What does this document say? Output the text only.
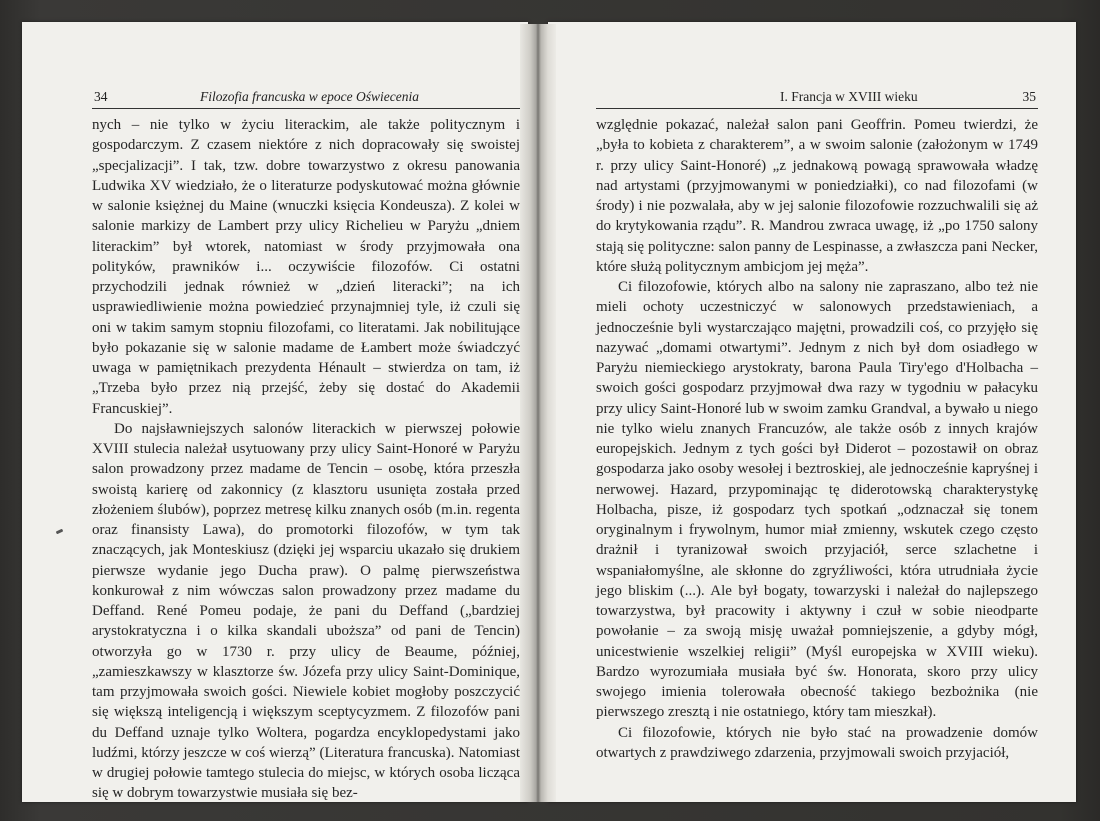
34	Filozofia francuska w epoce Oświecenia

nych – nie tylko w życiu literackim, ale także politycznym i gospodarczym. Z czasem niektóre z nich dopracowały się swoistej „specjalizacji”. I tak, tzw. dobre towarzystwo z okresu panowania Ludwika XV wiedziało, że o literaturze podyskutować można głównie w salonie księżnej du Maine (wnuczki księcia Kondeusza). Z kolei w salonie markizy de Lambert przy ulicy Richelieu w Paryżu „dniem literackim” był wtorek, natomiast w środy przyjmowała ona polityków, prawników i... oczywiście filozofów. Ci ostatni przychodzili jednak również w „dzień literacki”; na ich usprawiedliwienie można powiedzieć przynajmniej tyle, iż czuli się oni w takim samym stopniu filozofami, co literatami. Jak nobilitujące było pokazanie się w salonie madame de Łambert może świadczyć uwaga w pamiętnikach prezydenta Hénault – stwierdza on tam, iż „Trzeba było przez nią przejść, żeby się dostać do Akademii Francuskiej”.

Do najsławniejszych salonów literackich w pierwszej połowie XVIII stulecia należał usytuowany przy ulicy Saint-Honoré w Paryżu salon prowadzony przez madame de Tencin – osobę, która przeszła swoistą karierę od zakonnicy (z klasztoru usunięta została przed złożeniem ślubów), poprzez metresę kilku znanych osób (m.in. regenta oraz finansisty Lawa), do promotorki filozofów, w tym tak znaczących, jak Monteskiusz (dzięki jej wsparciu ukazało się drukiem pierwsze wydanie jego Ducha praw). O palmę pierwszeństwa konkurował z nim wówczas salon prowadzony przez madame du Deffand. René Pomeu podaje, że pani du Deffand („bardziej arystokratyczna i o kilka skandali uboższa” od pani de Tencin) otworzyła go w 1730 r. przy ulicy de Beaume, później, „zamieszkawszy w klasztorze św. Józefa przy ulicy Saint-Dominique, tam przyjmowała swoich gości. Niewiele kobiet mogłoby poszczycić się większą inteligencją i większym sceptycyzmem. Z filozofów pani du Deffand uznaje tylko Woltera, pogardza encyklopedystami jako ludźmi, którzy jeszcze w coś wierzą” (Literatura francuska). Natomiast w drugiej połowie tamtego stulecia do miejsc, w których osoba licząca się w dobrym towarzystwie musiała się bez-

I. Francja w XVIII wieku	35

względnie pokazać, należał salon pani Geoffrin. Pomeu twierdzi, że „była to kobieta z charakterem”, a w swoim salonie (założonym w 1749 r. przy ulicy Saint-Honoré) „z jednakową powagą sprawowała władzę nad artystami (przyjmowanymi w poniedziałki), co nad filozofami (w środy) i nie pozwalała, aby w jej salonie filozofowie rozzuchwalili się aż do krytykowania rządu”. R. Mandrou zwraca uwagę, iż „po 1750 salony stają się polityczne: salon panny de Lespinasse, a zwłaszcza pani Necker, które służą politycznym ambicjom jej męża”.

Ci filozofowie, których albo na salony nie zapraszano, albo też nie mieli ochoty uczestniczyć w salonowych przedstawieniach, a jednocześnie byli wystarczająco majętni, prowadzili coś, co przyjęło się nazywać „domami otwartymi”. Jednym z nich był dom osiadłego w Paryżu niemieckiego arystokraty, barona Paula Tiry'ego d'Holbacha – swoich gości gospodarz przyjmował dwa razy w tygodniu w pałacyku przy ulicy Saint-Honoré lub w swoim zamku Grandval, a bywało u niego nie tylko wielu znanych Francuzów, ale także osób z innych krajów europejskich. Jednym z tych gości był Diderot – pozostawił on obraz gospodarza jako osoby wesołej i beztroskiej, ale jednocześnie kapryśnej i nerwowej. Hazard, przypominając tę diderotowską charakterystykę Holbacha, pisze, iż gospodarz tych spotkań „odznaczał się tonem oryginalnym i frywolnym, humor miał zmienny, wskutek czego często drażnił i tyranizował swoich przyjaciół, serce szlachetne i wspaniałomyślne, ale skłonne do zgryźliwości, która utrudniała życie jego bliskim (...). Ale był bogaty, towarzyski i należał do najlepszego towarzystwa, był pracowity i aktywny i czuł w sobie nieodparte powołanie – za swoją misję uważał pomniejszenie, a gdyby mógł, unicestwienie wszelkiej religii” (Myśl europejska w XVIII wieku). Bardzo wyrozumiała musiała być św. Honorata, skoro przy ulicy swojego imienia tolerowała obecność takiego bezbożnika (nie pierwszego zresztą i nie ostatniego, który tam mieszkał).

Ci filozofowie, których nie było stać na prowadzenie domów otwartych z prawdziwego zdarzenia, przyjmowali swoich przyjaciół,
